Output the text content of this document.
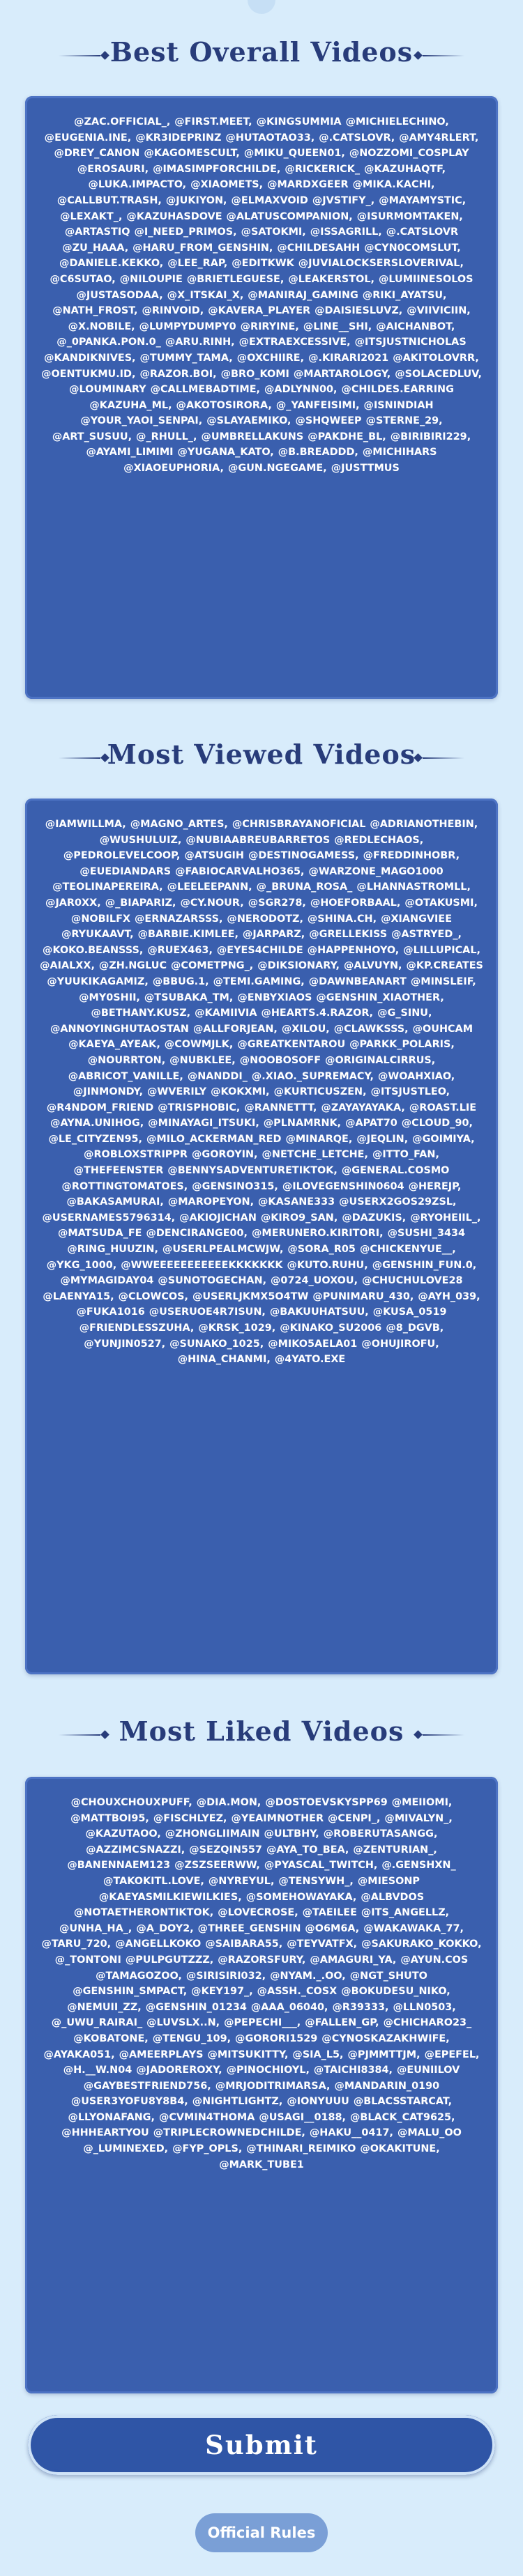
Best Overall Videos
@ZAC.OFFICIAL_, @FIRST.MEET, @KINGSUMMIA @MICHIELECHINO, @EUGENIA.INE, @KR3IDEPRINZ @HUTAOTAO33, @.CATSLOVR, @AMY4RLERT, @DREY_CANON @KAGOMESCULT, @MIKU_QUEEN01, @NOZZOMI_COSPLAY @EROSAURI, @IMASIMPFORCHILDE, @RICKERICK_ @KAZUHAQTF, @LUKA.IMPACTO, @XIAOMETS, @MARDXGEER @MIKA.KACHI, @CALLBUT.TRASH, @JUKIYON, @ELMAXVOID @JVSTIFY_, @MAYAMYSTIC, @LEXAKT_, @KAZUHASDOVE @ALATUSCOMPANION, @ISURMOMTAKEN, @ARTASTIQ @I_NEED_PRIMOS, @SATOKMI, @ISSAGRILL, @.CATSLOVR @ZU_HAAA, @HARU_FROM_GENSHIN, @CHILDESAHH @CYN0COMSLUT, @DANIELE.KEKKO, @LEE_RAP, @EDITKWK @JUVIALOCKSERSLOVERIVAL, @C6SUTAO, @NILOUPIE @BRIETLEGUESE, @LEAKERSTOL, @LUMIINESOLOS @JUSTASODAA, @X_ITSKAI_X, @MANIRAJ_GAMING @RIKI_AYATSU, @NATH_FROST, @RINVOID, @KAVERA_PLAYER @DAISIESLUVZ, @VIIVICIIN, @X.NOBILE, @LUMPYDUMPY0 @RIRYINE, @LINE__SHI, @AICHANBOT, @_0PANKA.PON.0_ @ARU.RINH, @EXTRAEXCESSIVE, @ITSJUSTNICHOLAS @KANDIKNIVES, @TUMMY_TAMA, @OXCHIIRE, @.KIRARI2021 @AKITOLOVRR, @OENTUKMU.ID, @RAZOR.BOI, @BRO_KOMI @MARTAROLOGY, @SOLACEDLUV, @LOUMINARY @CALLMEBADTIME, @ADLYNN00, @CHILDES.EARRING @KAZUHA_ML, @AKOTOSIRORA, @_YANFEISIMI, @ISNINDIAH @YOUR_YAOI_SENPAI, @SLAYAEMIKO, @SHQWEEP @STERNE_29, @ART_SUSUU, @_RHULL_, @UMBRELLAKUNS @PAKDHE_BL, @BIRIBIRI229, @AYAMI_LIMIMI @YUGANA_KATO, @B.BREADDD, @MICHIHARS @XIAOEUPHORIA, @GUN.NGEGAME, @JUSTTMUS
Most Viewed Videos
@IAMWILLMA, @MAGNO_ARTES, @CHRISBRAYANOFICIAL @ADRIANOTHEBIN, @WUSHULUIZ, @NUBIAABREUBARRETOS @REDLECHAOS, @PEDROLEVELCOOP, @ATSUGIH @DESTINOGAMESS, @FREDDINHOBR, @EUEDIANDARS @FABIOCARVALHO365, @WARZONE_MAGO1000 @TEOLINAPEREIRA, @LEELEEPANN, @_BRUNA_ROSA_ @LHANNASTROMLL, @JAR0XX, @_BIAPARIZ, @CY.NOUR, @SGR278, @HOEFORBAAL, @OTAKUSMI, @NOBILFX @ERNAZARSSS, @NERODOTZ, @SHINA.CH, @XIANGVIEE @RYUKAAVT, @BARBIE.KIMLEE, @JARPARZ, @GRELLEKISS @ASTRYED_, @KOKO.BEANSSS, @RUEX463, @EYES4CHILDE @HAPPENHOYO, @LILLUPICAL, @AIALXX, @ZH.NGLUC @COMETPNG_, @DIKSIONARY, @ALVUYN, @KP.CREATES @YUUKIKAGAMIZ, @BBUG.1, @TEMI.GAMING, @DAWNBEANART @MINSLEIF, @MY0SHII, @TSUBAKA_TM, @ENBYXIAOS @GENSHIN_XIAOTHER, @BETHANY.KUSZ, @KAMIIVIA @HEARTS.4.RAZOR, @G_SINU, @ANNOYINGHUTAOSTAN @ALLFORJEAN, @XILOU, @CLAWKSSS, @OUHCAM @KAEYA_AYEAK, @COWMJLK, @GREATKENTAROU @PARKK_POLARIS, @NOURRTON, @NUBKLEE, @NOOBOSOFF @ORIGINALCIRRUS, @ABRICOT_VANILLE, @NANDDI_ @.XIAO._SUPREMACY, @WOAHXIAO, @JINMONDY, @WVERILY @KOKXMI, @KURTICUSZEN, @ITSJUSTLEO, @R4NDOM_FRIEND @TRISPHOBIC, @RANNETTT, @ZAYAYAYAKA, @ROAST.LIE @AYNA.UNIHOG, @MINAYAGI_ITSUKI, @PLNAMRNK, @APAT70 @CLOUD_90, @LE_CITYZEN95, @MILO_ACKERMAN_RED @MINARQE, @JEQLIN, @GOIMIYA, @ROBLOXSTRIPPR @GOROYIN, @NETCHE_LETCHE, @ITTO_FAN, @THEFEENSTER @BENNYSADVENTURETIKTOK, @GENERAL.COSMO @ROTTINGTOMATOES, @GENSINO315, @ILOVEGENSHIN0604 @HEREJP, @BAKASAMURAI, @MAROPEYON, @KASANE333 @USERX2GOS29ZSL, @USERNAMES5796314, @AKIOJICHAN @KIRO9_SAN, @DAZUKIS, @RYOHEIIL_, @MATSUDA_FE @DENCIRANGE00, @MERUNERO.KIRITORI, @SUSHI_3434 @RING_HUUZIN, @USERLPEALMCWJW, @SORA_R05 @CHICKENYUE__, @YKG_1000, @WWEEEEEEEEEEEKKKKKKK @KUTO.RUHU, @GENSHIN_FUN.0, @MYMAGIDAY04 @SUNOTOGECHAN, @0724_UOXOU, @CHUCHULOVE28 @LAENYA15, @CLOWCOS, @USERLJKMX5O4TW @PUNIMARU_430, @AYH_039, @FUKA1016 @USERUOE4R7ISUN, @BAKUUHATSUU, @KUSA_0519 @FRIENDLESSZUHA, @KRSK_1029, @KINAKO_SU2006 @8_DGVB, @YUNJIN0527, @SUNAKO_1025, @MIKO5AELA01 @OHUJIROFU, @HINA_CHANMI, @4YATO.EXE
Most Liked Videos
@CHOUXCHOUXPUFF, @DIA.MON, @DOSTOEVSKYSPP69 @MEIIOMI, @MATTBOI95, @FISCHLYEZ, @YEAIMNOTHER @CENPI_, @MIVALYN_, @KAZUTAOO, @ZHONGLIIMAIN @ULTBHY, @ROBERUTASANGG, @AZZIMCSNAZZI, @SEZQIN557 @AYA_TO_BEA, @ZENTURIAN_, @BANENNAEM123 @ZSZSEERWW, @PYASCAL_TWITCH, @.GENSHXN_ @TAKOKITL.LOVE, @NYREYUL, @TENSYWH_, @MIESONP @KAEYASMILKIEWILKIES, @SOMEHOWAYAKA, @ALBVDOS @NOTAETHERONTIKTOK, @LOVECROSE, @TAEILEE @ITS_ANGELLZ, @UNHA_HA_, @A_DOY2, @THREE_GENSHIN @O6M6A, @WAKAWAKA_77, @TARU_720, @ANGELLKOKO @SAIBARA55, @TEYVATFX, @SAKURAKO_KOKKO, @_TONTONI @PULPGUTZZZ, @RAZORSFURY, @AMAGURI_YA, @AYUN.COS @TAMAGOZOO, @SIRISIRI032, @NYAM._.OO, @NGT_SHUTO @GENSHIN_SMPACT, @KEY197_, @ASSH._COSX @BOKUDESU_NIKO, @NEMUII_ZZ, @GENSHIN_01234 @AAA_06040, @R39333, @LLN0503, @_UWU_RAIRAI_ @LUVSLX..N, @PEPECHI___, @FALLEN_GP, @CHICHARO23_ @KOBATONE, @TENGU_109, @GORORI1529 @CYNOSKAZAKHWIFE, @AYAKA051, @AMEERPLAYS @MITSUKITTY, @SIA_L5, @PJMMTTJM, @EPEFEL, @H.__W.N04 @JADOREROXY, @PINOCHIOYL, @TAICHI8384, @EUNIILOV @GAYBESTFRIEND756, @MRJODITRIMARSA, @MANDARIN_0190 @USER3YOFU8Y8B4, @NIGHTLIGHTZ, @IONYUUU @BLACSSTARCAT, @LLYONAFANG, @CVMIN4THOMA @USAGI__0188, @BLACK_CAT9625, @HHHEARTYOU @TRIPLECROWNEDCHILDE, @HAKU__0417, @MALU_OO @_LUMINEXED, @FYP_OPLS, @THINARI_REIMIKO @OKAKITUNE, @MARK_TUBE1
Submit
Official Rules
